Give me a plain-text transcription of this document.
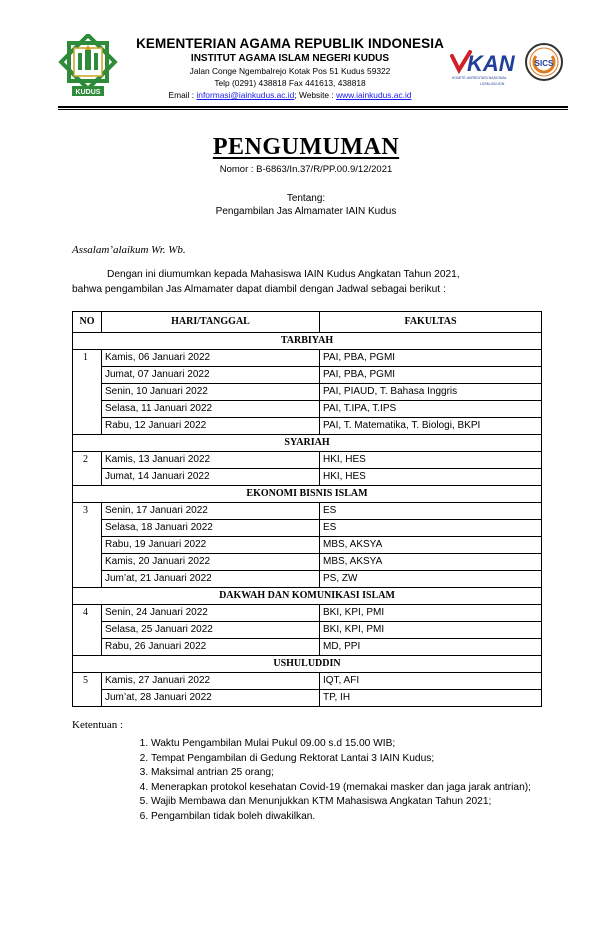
KUDUS
KEMENTERIAN AGAMA REPUBLIK INDONESIA
INSTITUT AGAMA ISLAM NEGERI KUDUS
Jalan Conge Ngembalrejo Kotak Pos 51 Kudus 59322
Telp (0291) 438818 Fax 441613, 438818
Email : informasi@iainkudus.ac.id; Website : www.iainkudus.ac.id
KAN
KOMITE AKREDITASI NASIONAL
LSSM-002-IDN
SICS
PENGUMUMAN
Nomor : B-6863/In.37/R/PP.00.9/12/2021
Tentang:
Pengambilan Jas Almamater IAIN Kudus
Assalam’alaikum Wr. Wb.
Dengan ini diumumkan kepada Mahasiswa IAIN Kudus Angkatan Tahun 2021,
bahwa pengambilan Jas Almamater dapat diambil dengan Jadwal sebagai berikut :
NO	HARI/TANGGAL	FAKULTAS
TARBIYAH		
1	Kamis, 06 Januari 2022	PAI, PBA, PGMI
	Jumat, 07 Januari 2022	PAI, PBA, PGMI
	Senin, 10 Januari 2022	PAI, PIAUD, T. Bahasa Inggris
	Selasa, 11 Januari 2022	PAI, T.IPA, T.IPS
	Rabu, 12 Januari 2022	PAI, T. Matematika, T. Biologi, BKPI
SYARIAH		
2	Kamis, 13 Januari 2022	HKI, HES
	Jumat, 14 Januari 2022	HKI, HES
EKONOMI BISNIS ISLAM		
3	Senin, 17 Januari 2022	ES
	Selasa, 18 Januari 2022	ES
	Rabu, 19 Januari 2022	MBS, AKSYA
	Kamis, 20 Januari 2022	MBS, AKSYA
	Jum’at, 21 Januari 2022	PS, ZW
DAKWAH DAN KOMUNIKASI ISLAM		
4	Senin, 24 Januari 2022	BKI, KPI, PMI
	Selasa, 25 Januari 2022	BKI, KPI, PMI
	Rabu, 26 Januari 2022	MD, PPI
USHULUDDIN		
5	Kamis, 27 Januari 2022	IQT, AFI
	Jum’at, 28 Januari 2022	TP, IH
Ketentuan :
1. Waktu Pengambilan Mulai Pukul 09.00 s.d 15.00 WIB;
2. Tempat Pengambilan di Gedung Rektorat Lantai 3 IAIN Kudus;
3. Maksimal antrian 25 orang;
4. Menerapkan protokol kesehatan Covid-19 (memakai masker dan jaga jarak antrian);
5. Wajib Membawa dan Menunjukkan KTM Mahasiswa Angkatan Tahun 2021;
6. Pengambilan tidak boleh diwakilkan.
